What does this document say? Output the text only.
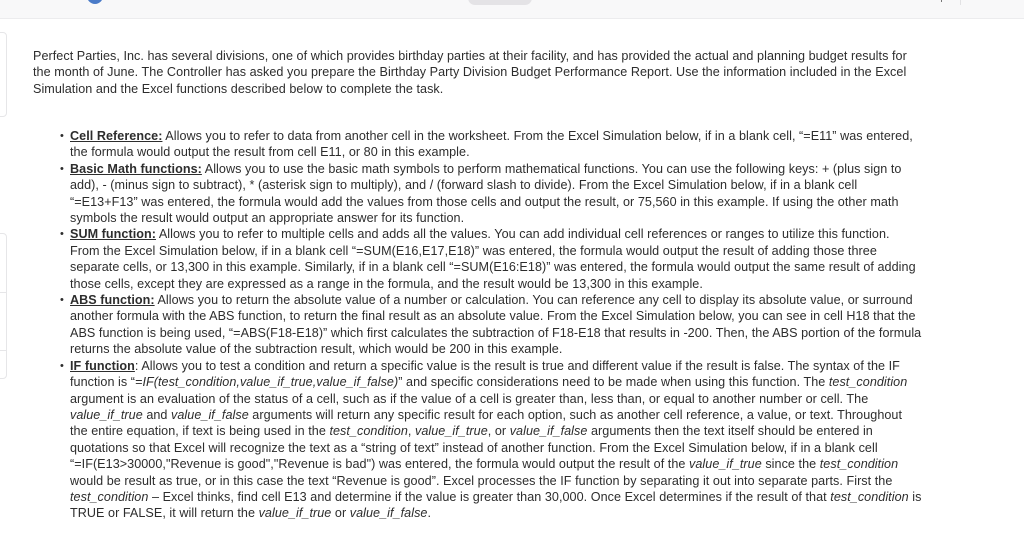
Perfect Parties, Inc. has several divisions, one of which provides birthday parties at their facility, and has provided the actual and planning budget results for the month of June. The Controller has asked you prepare the Birthday Party Division Budget Performance Report. Use the information included in the Excel Simulation and the Excel functions described below to complete the task.

• Cell Reference: Allows you to refer to data from another cell in the worksheet. From the Excel Simulation below, if in a blank cell, “=E11” was entered, the formula would output the result from cell E11, or 80 in this example.
• Basic Math functions: Allows you to use the basic math symbols to perform mathematical functions. You can use the following keys: + (plus sign to add), - (minus sign to subtract), * (asterisk sign to multiply), and / (forward slash to divide). From the Excel Simulation below, if in a blank cell “=E13+F13” was entered, the formula would add the values from those cells and output the result, or 75,560 in this example. If using the other math symbols the result would output an appropriate answer for its function.
• SUM function: Allows you to refer to multiple cells and adds all the values. You can add individual cell references or ranges to utilize this function. From the Excel Simulation below, if in a blank cell “=SUM(E16,E17,E18)” was entered, the formula would output the result of adding those three separate cells, or 13,300 in this example. Similarly, if in a blank cell “=SUM(E16:E18)” was entered, the formula would output the same result of adding those cells, except they are expressed as a range in the formula, and the result would be 13,300 in this example.
• ABS function: Allows you to return the absolute value of a number or calculation. You can reference any cell to display its absolute value, or surround another formula with the ABS function, to return the final result as an absolute value. From the Excel Simulation below, you can see in cell H18 that the ABS function is being used, “=ABS(F18-E18)” which first calculates the subtraction of F18-E18 that results in -200. Then, the ABS portion of the formula returns the absolute value of the subtraction result, which would be 200 in this example.
• IF function: Allows you to test a condition and return a specific value is the result is true and different value if the result is false. The syntax of the IF function is “=IF(test_condition,value_if_true,value_if_false)” and specific considerations need to be made when using this function. The test_condition argument is an evaluation of the status of a cell, such as if the value of a cell is greater than, less than, or equal to another number or cell. The value_if_true and value_if_false arguments will return any specific result for each option, such as another cell reference, a value, or text. Throughout the entire equation, if text is being used in the test_condition, value_if_true, or value_if_false arguments then the text itself should be entered in quotations so that Excel will recognize the text as a “string of text” instead of another function. From the Excel Simulation below, if in a blank cell “=IF(E13>30000,"Revenue is good","Revenue is bad") was entered, the formula would output the result of the value_if_true since the test_condition would be result as true, or in this case the text “Revenue is good”. Excel processes the IF function by separating it out into separate parts. First the test_condition – Excel thinks, find cell E13 and determine if the value is greater than 30,000. Once Excel determines if the result of that test_condition is TRUE or FALSE, it will return the value_if_true or value_if_false.
